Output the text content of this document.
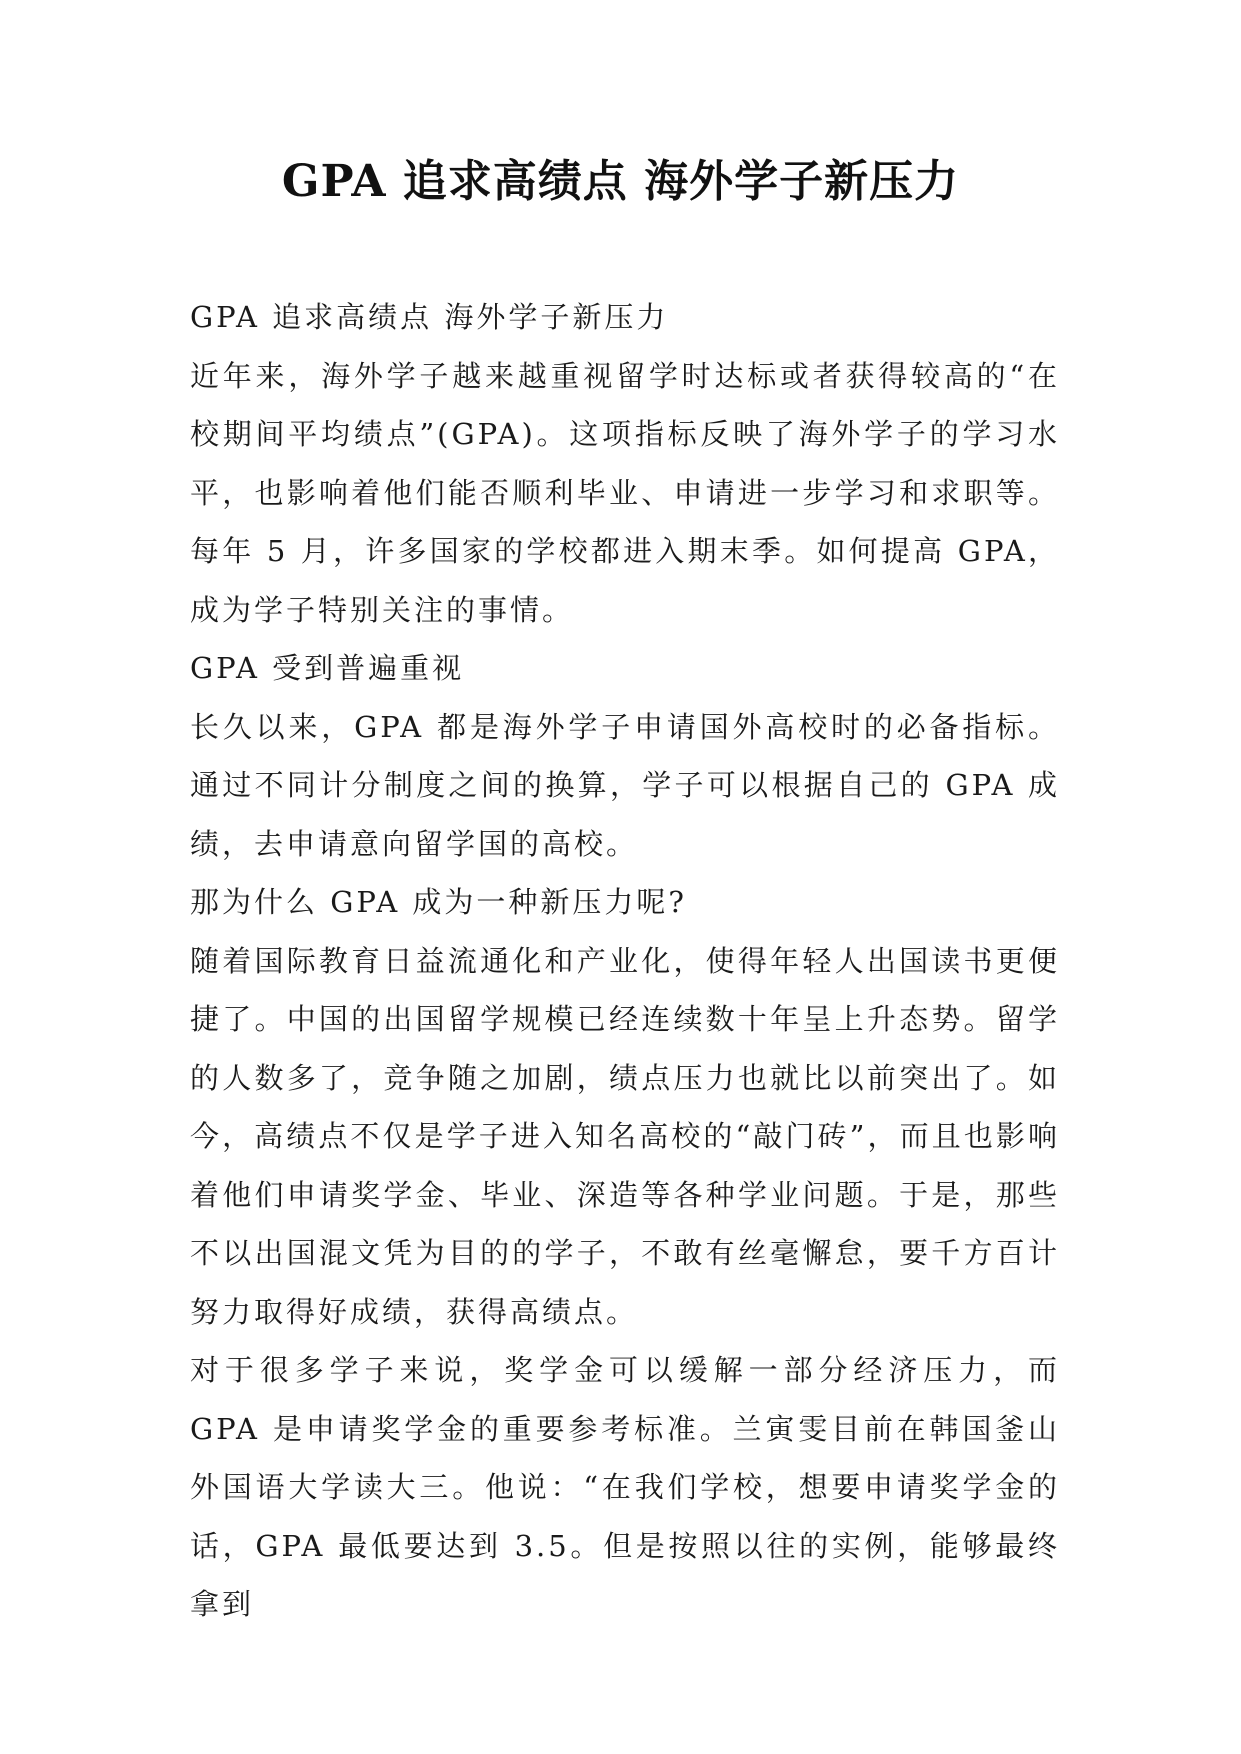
GPA 追求高绩点 海外学子新压力

GPA 追求高绩点 海外学子新压力

近年来，海外学子越来越重视留学时达标或者获得较高的“在校期间平均绩点”(GPA)。这项指标反映了海外学子的学习水平，也影响着他们能否顺利毕业、申请进一步学习和求职等。每年 5 月，许多国家的学校都进入期末季。如何提高 GPA，成为学子特别关注的事情。

GPA 受到普遍重视

长久以来，GPA 都是海外学子申请国外高校时的必备指标。通过不同计分制度之间的换算，学子可以根据自己的 GPA 成绩，去申请意向留学国的高校。

那为什么 GPA 成为一种新压力呢?

随着国际教育日益流通化和产业化，使得年轻人出国读书更便捷了。中国的出国留学规模已经连续数十年呈上升态势。留学的人数多了，竞争随之加剧，绩点压力也就比以前突出了。如今，高绩点不仅是学子进入知名高校的“敲门砖”，而且也影响着他们申请奖学金、毕业、深造等各种学业问题。于是，那些不以出国混文凭为目的的学子，不敢有丝毫懈怠，要千方百计努力取得好成绩，获得高绩点。

对于很多学子来说，奖学金可以缓解一部分经济压力，而 GPA 是申请奖学金的重要参考标准。兰寅雯目前在韩国釜山外国语大学读大三。他说：“在我们学校，想要申请奖学金的话，GPA 最低要达到 3.5。但是按照以往的实例，能够最终拿到
